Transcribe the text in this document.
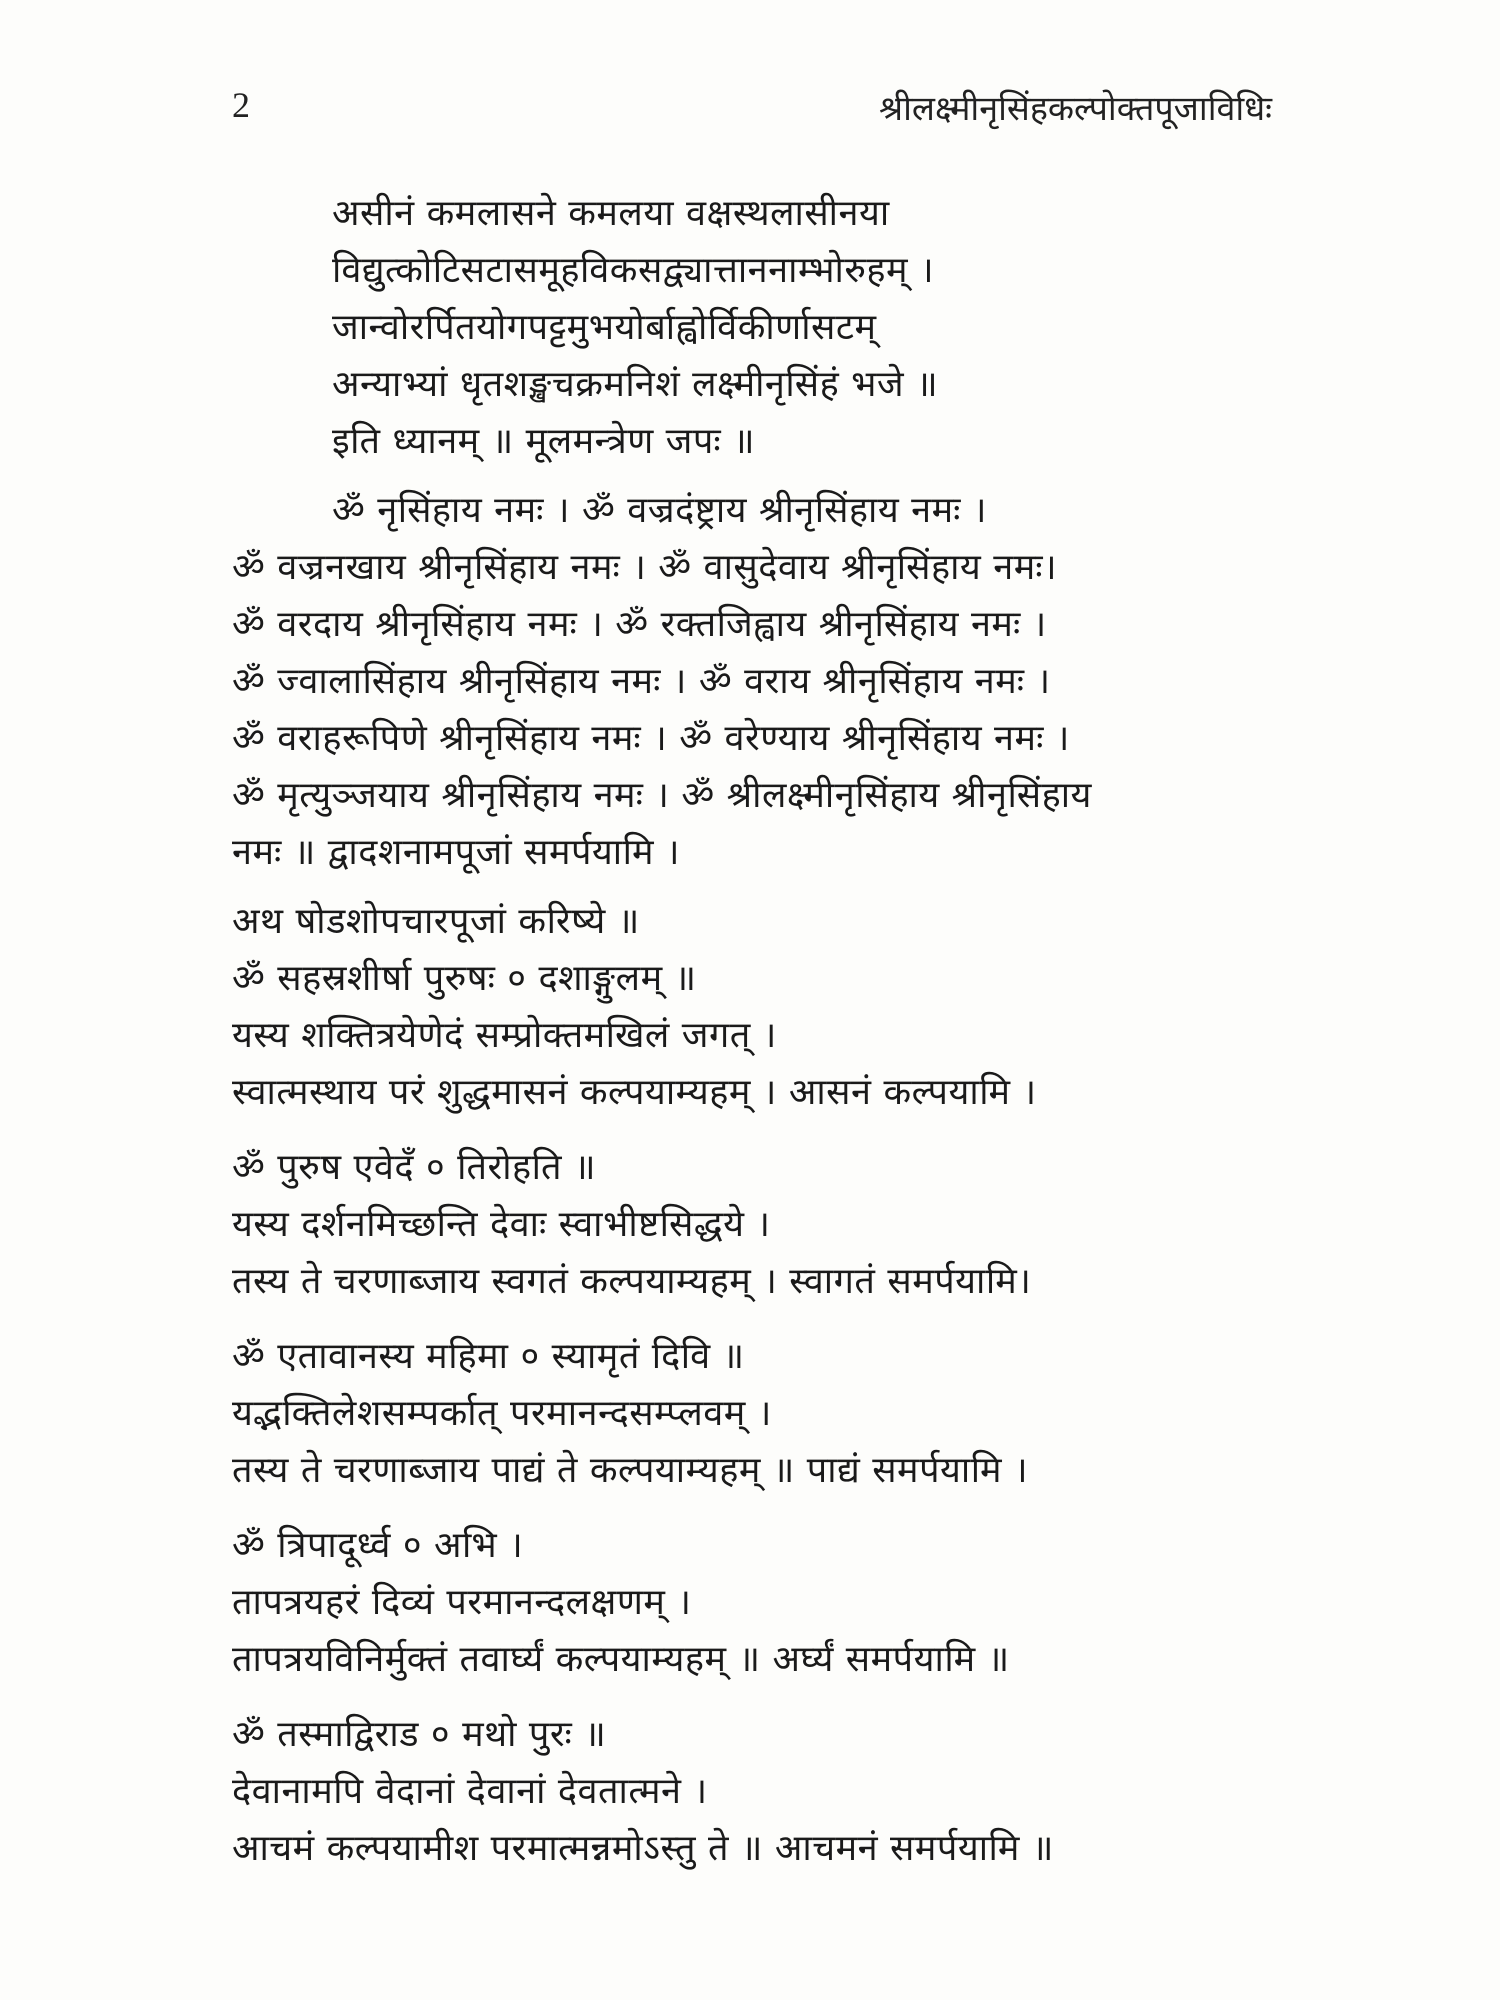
2	श्रीलक्ष्मीनृसिंहकल्पोक्तपूजाविधिः
असीनं कमलासने कमलया वक्षस्थलासीनया
विद्युत्कोटिसटासमूहविकसद्व्यात्ताननाम्भोरुहम् ।
जान्वोरर्पितयोगपट्टमुभयोर्बाह्वोर्विकीर्णासटम्
अन्याभ्यां धृतशङ्खचक्रमनिशं लक्ष्मीनृसिंहं भजे ॥
इति ध्यानम् ॥ मूलमन्त्रेण जपः ॥
ॐ नृसिंहाय नमः । ॐ वज्रदंष्ट्राय श्रीनृसिंहाय नमः ।
ॐ वज्रनखाय श्रीनृसिंहाय नमः । ॐ वासुदेवाय श्रीनृसिंहाय नमः।
ॐ वरदाय श्रीनृसिंहाय नमः । ॐ रक्तजिह्वाय श्रीनृसिंहाय नमः ।
ॐ ज्वालासिंहाय श्रीनृसिंहाय नमः । ॐ वराय श्रीनृसिंहाय नमः ।
ॐ वराहरूपिणे श्रीनृसिंहाय नमः । ॐ वरेण्याय श्रीनृसिंहाय नमः ।
ॐ मृत्युञ्जयाय श्रीनृसिंहाय नमः । ॐ श्रीलक्ष्मीनृसिंहाय श्रीनृसिंहाय
नमः ॥ द्वादशनामपूजां समर्पयामि ।
अथ षोडशोपचारपूजां करिष्ये ॥
ॐ सहस्रशीर्षा पुरुषः ० दशाङ्गुलम् ॥
यस्य शक्तित्रयेणेदं सम्प्रोक्तमखिलं जगत् ।
स्वात्मस्थाय परं शुद्धमासनं कल्पयाम्यहम् । आसनं कल्पयामि ।
ॐ पुरुष एवेदँ ० तिरोहति ॥
यस्य दर्शनमिच्छन्ति देवाः स्वाभीष्टसिद्धये ।
तस्य ते चरणाब्जाय स्वगतं कल्पयाम्यहम् । स्वागतं समर्पयामि।
ॐ एतावानस्य महिमा ० स्यामृतं दिवि ॥
यद्भक्तिलेशसम्पर्कात् परमानन्दसम्प्लवम् ।
तस्य ते चरणाब्जाय पाद्यं ते कल्पयाम्यहम् ॥ पाद्यं समर्पयामि ।
ॐ त्रिपादूर्ध्व ० अभि ।
तापत्रयहरं दिव्यं परमानन्दलक्षणम् ।
तापत्रयविनिर्मुक्तं तवार्घ्यं कल्पयाम्यहम् ॥ अर्घ्यं समर्पयामि ॥
ॐ तस्माद्विराड ० मथो पुरः ॥
देवानामपि वेदानां देवानां देवतात्मने ।
आचमं कल्पयामीश परमात्मन्नमोऽस्तु ते ॥ आचमनं समर्पयामि ॥
